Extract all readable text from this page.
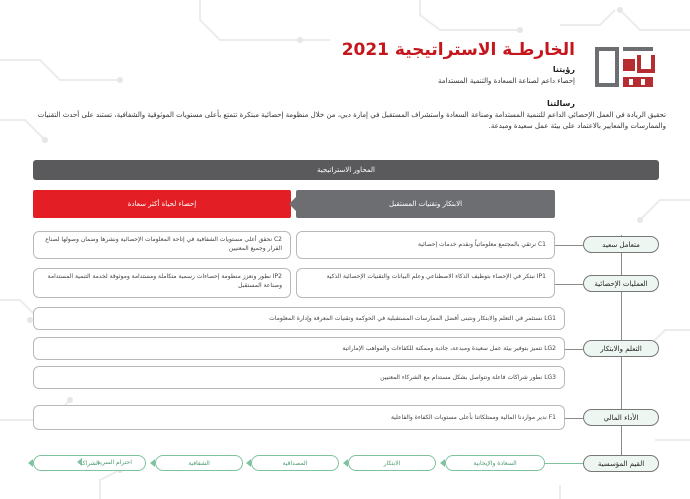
الخارطـة الاستراتيجية 2021
رؤيتنا
إحصاء داعم لصناعة السعادة والتنمية المستدامة
رسالتنا
تحقيق الريادة في العمل الإحصائي الداعم للتنمية المستدامة وصناعة السعادة واستشراف المستقبل في إمارة دبي، من خلال منظومة إحصائية مبتكرة تتمتع بأعلى مستويات الموثوقية والشفافية، تستند على أحدث التقنيات والممارسات والمعايير بالاعتماد على بيئة عمل سعيدة ومبدعة.
المحاور الاستراتيجية
إحصاء لحياة أكثر سعادة	الابتكار وتقنيات المستقبل
متعامل سعيد
العمليات الإحصائية
التعلم والابتكار
الأداء المالي
القيم المؤسسية
C1 نرتقي بالمجتمع معلوماتياً ونقدم خدمات إحصائية
C2 نحقق أعلى مستويات الشفافية في إتاحة المعلومات الإحصائية ونشرها وضمان وصولها لصناع القرار وجميع المعنيين
IP1 نبتكر في الإحصاء بتوظيف الذكاء الاصطناعي وعلم البيانات والتقنيات الإحصائية الذكية
IP2 نطور ونعزز منظومة إحصاءات رسمية متكاملة ومستدامة وموثوقة لخدمة التنمية المستدامة وصناعة المستقبل
LG1 نستثمر في التعلم والابتكار ونتبنى أفضل الممارسات المستقبلية في الحوكمة وتقنيات المعرفة وإدارة المعلومات
LG2 نتميز بتوفير بيئة عمل سعيدة ومبدعة، جاذبة وممكنة للكفاءات والمواهب الإماراتية
LG3 نطور شراكات فاعلة ونتواصل بشكل مستدام مع الشركاء المعنيين
F1 ندير مواردنا المالية وممتلكاتنا بأعلى مستويات الكفاءة والفاعلية
السعادة والإيجابية
الابتكار
المصداقية
الشفافية
الشراكة
احترام السرية
